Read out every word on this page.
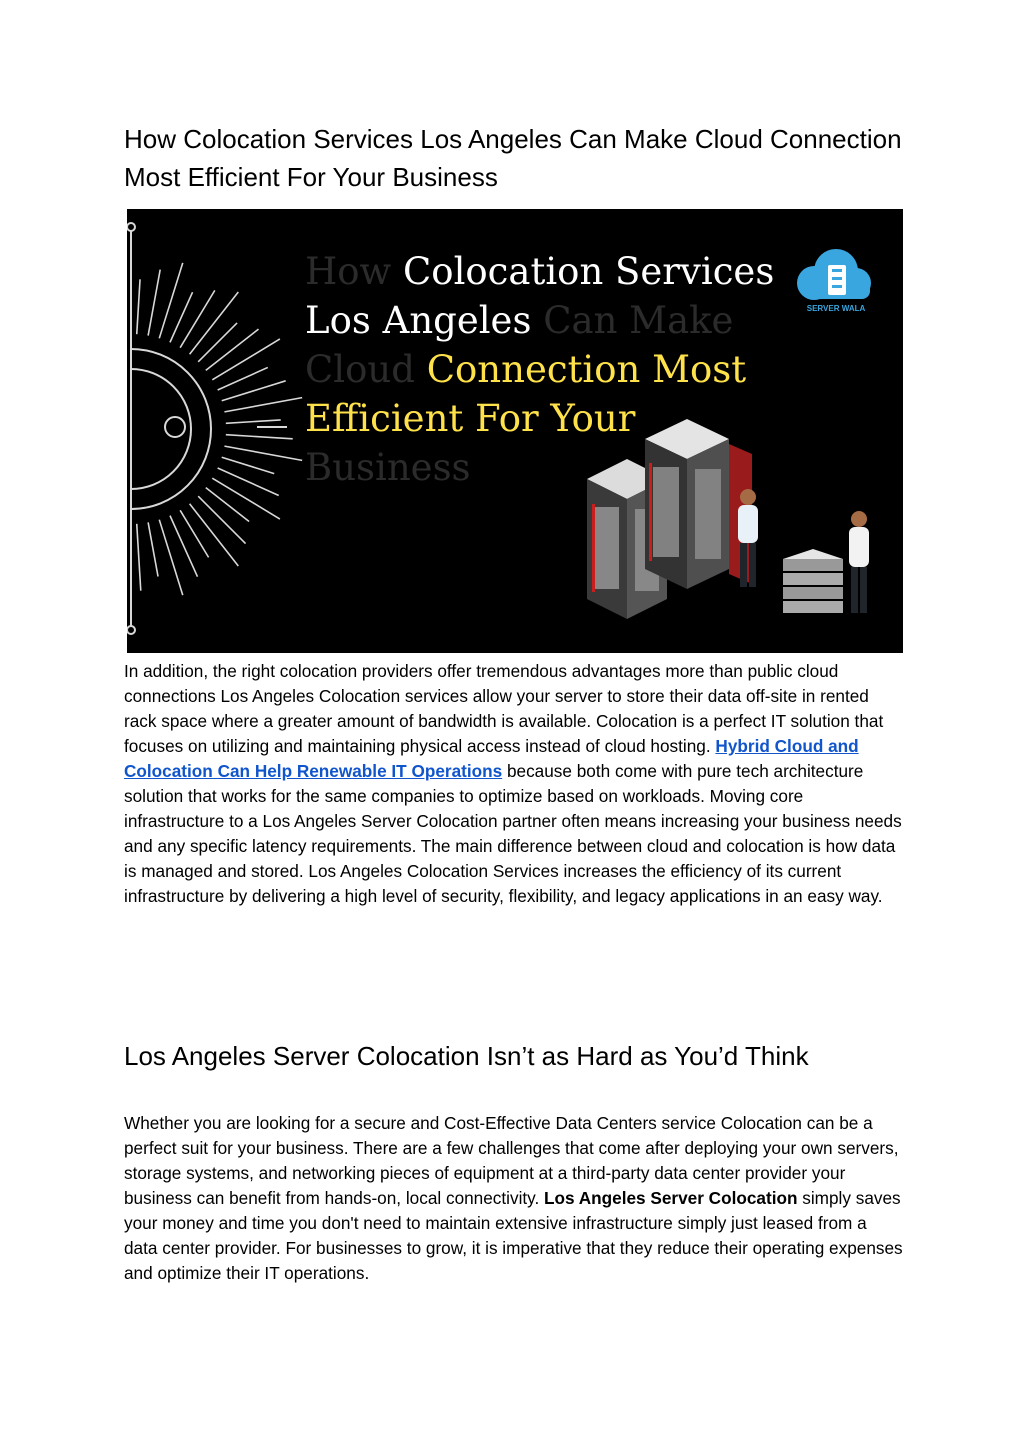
How Colocation Services Los Angeles Can Make Cloud Connection Most Efficient For Your Business
How Colocation Services
Los Angeles Can Make
Cloud Connection Most
Efficient For Your
Business
SERVER WALA

In addition, the right colocation providers offer tremendous advantages more than public cloud connections Los Angeles Colocation services allow your server to store their data off-site in rented rack space where a greater amount of bandwidth is available. Colocation is a perfect IT solution that focuses on utilizing and maintaining physical access instead of cloud hosting. Hybrid Cloud and Colocation Can Help Renewable IT Operations because both come with pure tech architecture solution that works for the same companies to optimize based on workloads. Moving core infrastructure to a Los Angeles Server Colocation partner often means increasing your business needs and any specific latency requirements. The main difference between cloud and colocation is how data is managed and stored. Los Angeles Colocation Services increases the efficiency of its current infrastructure by delivering a high level of security, flexibility, and legacy applications in an easy way.

Los Angeles Server Colocation Isn’t as Hard as You’d Think

Whether you are looking for a secure and Cost-Effective Data Centers service Colocation can be a perfect suit for your business. There are a few challenges that come after deploying your own servers, storage systems, and networking pieces of equipment at a third-party data center provider your business can benefit from hands-on, local connectivity. Los Angeles Server Colocation simply saves your money and time you don't need to maintain extensive infrastructure simply just leased from a data center provider. For businesses to grow, it is imperative that they reduce their operating expenses and optimize their IT operations.
